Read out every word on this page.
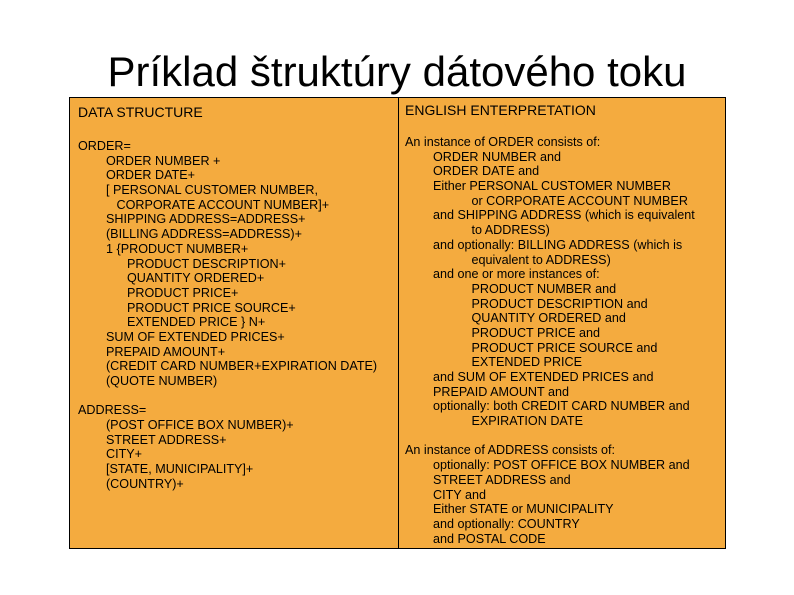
Príklad štruktúry dátového toku
DATA STRUCTURE	ENGLISH ENTERPRETATION
ORDER=
ORDER NUMBER +
ORDER DATE+
[ PERSONAL CUSTOMER NUMBER,
CORPORATE ACCOUNT NUMBER]+
SHIPPING ADDRESS=ADDRESS+
(BILLING ADDRESS=ADDRESS)+
1 {PRODUCT NUMBER+
PRODUCT DESCRIPTION+
QUANTITY ORDERED+
PRODUCT PRICE+
PRODUCT PRICE SOURCE+
EXTENDED PRICE } N+
SUM OF EXTENDED PRICES+
PREPAID AMOUNT+
(CREDIT CARD NUMBER+EXPIRATION DATE)
(QUOTE NUMBER)
ADDRESS=
(POST OFFICE BOX NUMBER)+
STREET ADDRESS+
CITY+
[STATE, MUNICIPALITY]+
(COUNTRY)+
An instance of ORDER consists of:
ORDER NUMBER and
ORDER DATE and
Either PERSONAL CUSTOMER NUMBER
or CORPORATE ACCOUNT NUMBER
and SHIPPING ADDRESS (which is equivalent
to ADDRESS)
and optionally: BILLING ADDRESS (which is
equivalent to ADDRESS)
and one or more instances of:
PRODUCT NUMBER and
PRODUCT DESCRIPTION and
QUANTITY ORDERED and
PRODUCT PRICE and
PRODUCT PRICE SOURCE and
EXTENDED PRICE
and SUM OF EXTENDED PRICES and
PREPAID AMOUNT and
optionally: both CREDIT CARD NUMBER and
EXPIRATION DATE
An instance of ADDRESS consists of:
optionally: POST OFFICE BOX NUMBER and
STREET ADDRESS and
CITY and
Either STATE or MUNICIPALITY
and optionally: COUNTRY
and POSTAL CODE
